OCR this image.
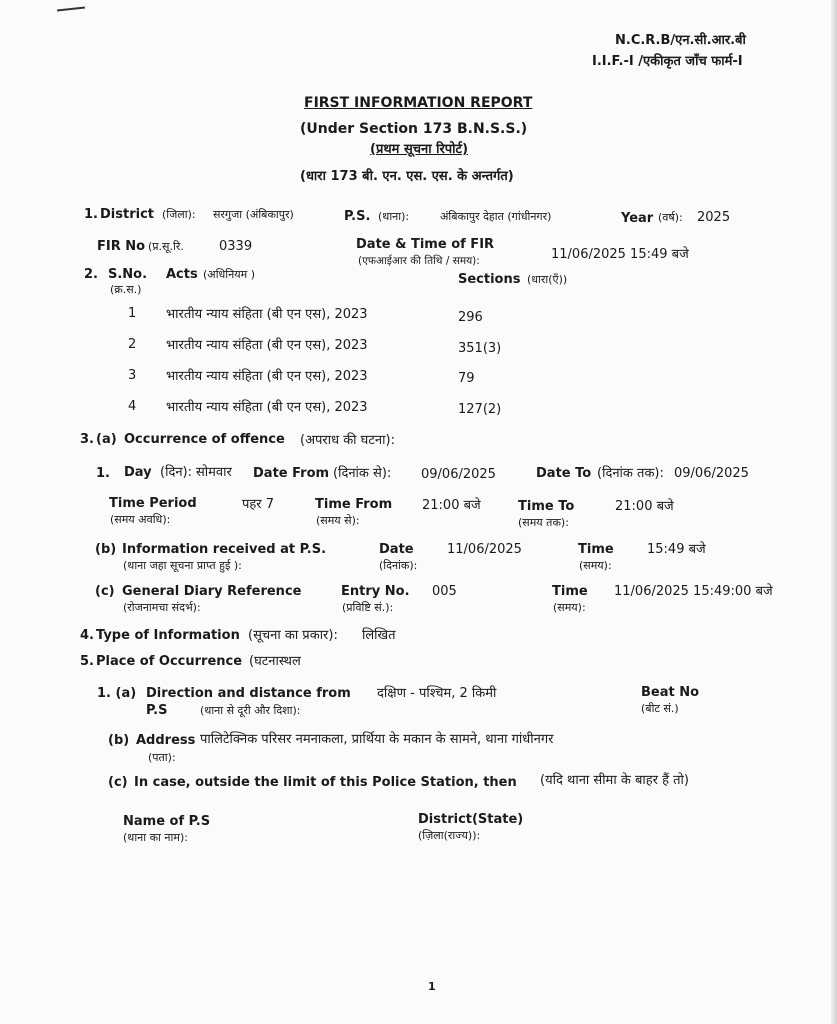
N.C.R.B/एन.सी.आर.बी
I.I.F.-I /एकीकृत जाँच फार्म-I
FIRST INFORMATION REPORT
(Under Section 173 B.N.S.S.)
(प्रथम सूचना रिपोर्ट)
(धारा 173 बी. एन. एस. एस. के अन्तर्गत)
1. District (जिला): सरगुजा (अंबिकापुर)	P.S. (थाना):	अंबिकापुर देहात (गांधीनगर)	Year (वर्ष): 2025
FIR No (प्र.सू.रि.	0339	Date & Time of FIR
(एफआईआर की तिथि / समय):	11/06/2025 15:49 बजे
2. S.No.
(क्र.स.)
Acts (अधिनियम )	Sections (धारा(एँ))
1 भारतीय न्याय संहिता (बी एन एस), 2023	296
2 भारतीय न्याय संहिता (बी एन एस), 2023	351(3)
3 भारतीय न्याय संहिता (बी एन एस), 2023	79
4 भारतीय न्याय संहिता (बी एन एस), 2023	127(2)
3. (a) Occurrence of offence (अपराध की घटना):
1. Day (दिन): सोमवार Date From (दिनांक से): 09/06/2025	Date To (दिनांक तक): 09/06/2025
Time Period
(समय अवधि):
पहर 7	Time From
(समय से):
21:00 बजे	Time To
(समय तक):
21:00 बजे
(b) Information received at P.S.
(थाना जहा सूचना प्राप्त हुई ):
Date
(दिनांक):
11/06/2025	Time
(समय):
15:49 बजे
(c) General Diary Reference
(रोजनामचा संदर्भ):
Entry No.
(प्रविष्टि सं.):
005	Time
(समय):
11/06/2025 15:49:00 बजे
4. Type of Information (सूचना का प्रकार): लिखित
5. Place of Occurrence (घटनास्थल
1. (a) Direction and distance from
P.S	(थाना से दूरी और दिशा):
दक्षिण - पश्चिम, 2 किमी	Beat No
(बीट सं.)
(b) Address पालिटेक्निक परिसर नमनाकला, प्रार्थिया के मकान के सामने, थाना गांधीनगर
(पता):
(c) In case, outside the limit of this Police Station, then (यदि थाना सीमा के बाहर हैं तो)
Name of P.S
(थाना का नाम):
District(State)
(ज़िला(राज्य)):
1
